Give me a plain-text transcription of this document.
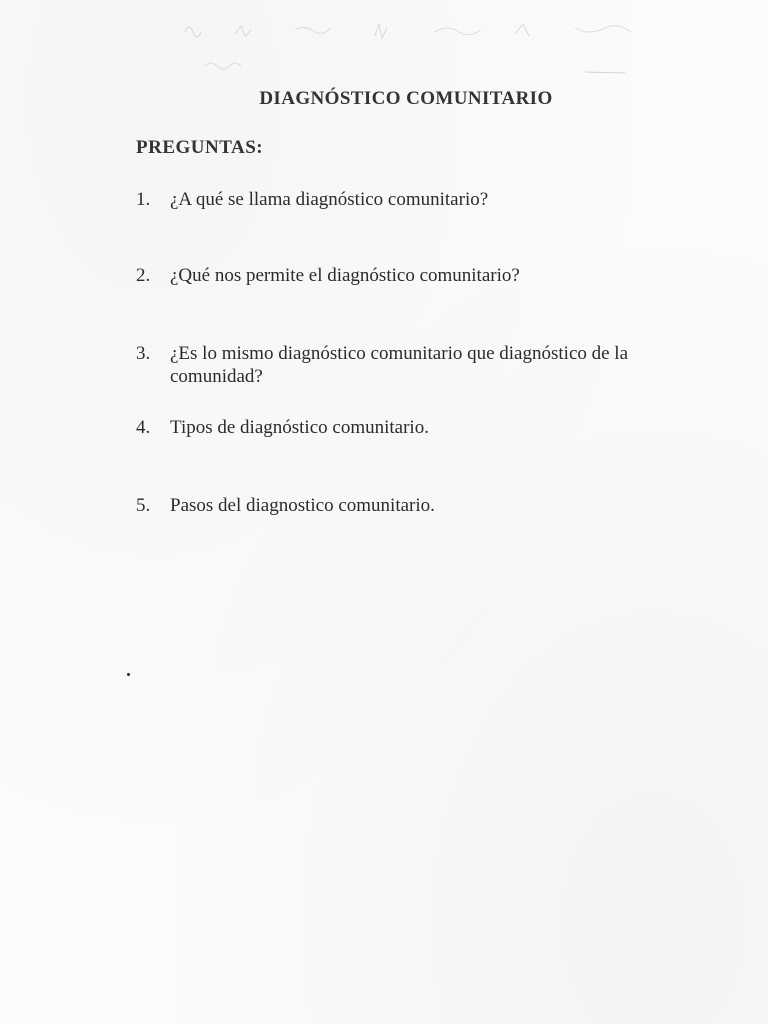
DIAGNÓSTICO COMUNITARIO
PREGUNTAS:
1. ¿A qué se llama diagnóstico comunitario?
2. ¿Qué nos permite el diagnóstico comunitario?
3. ¿Es lo mismo diagnóstico comunitario que diagnóstico de la comunidad?
4. Tipos de diagnóstico comunitario.
5. Pasos del diagnostico comunitario.
